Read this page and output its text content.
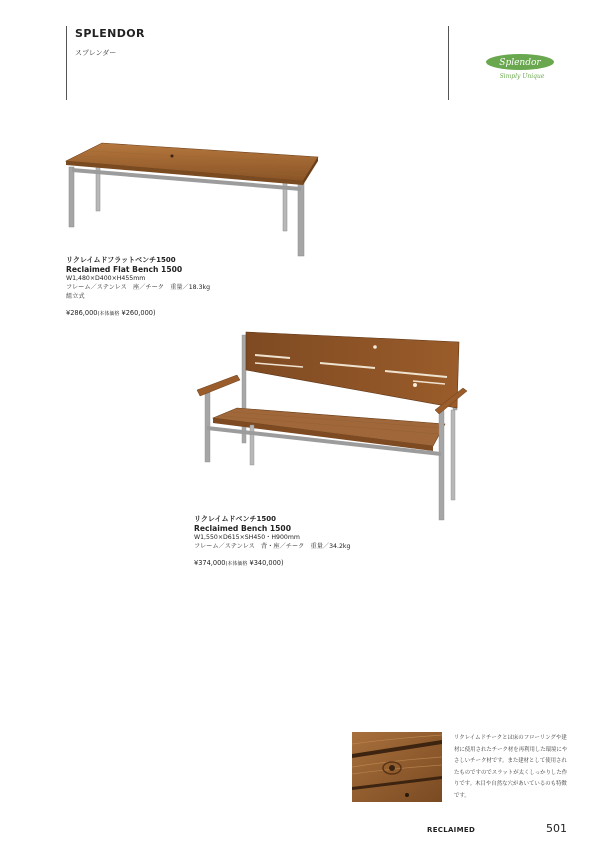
SPLENDOR
スプレンダー
Splendor
Simply Unique
リクレイムドフラットベンチ1500
Reclaimed Flat Bench 1500
W1,480×D400×H455mm
フレーム／ステンレス　座／チーク　重量／18.3kg
組立式
¥286,000(本体価格 ¥260,000)
リクレイムドベンチ1500
Reclaimed Bench 1500
W1,550×D615×SH450・H900mm
フレーム／ステンレス　背・座／チーク　重量／34.2kg
¥374,000(本体価格 ¥340,000)
リクレイムドチークとは床のフローリングや建材に使用されたチーク材を再利用した環境にやさしいチーク材です。また建材として使用されたものですのでスラットが太くしっかりした作りです。木目や自然な穴があいているのも特徴です。
RECLAIMED	501
